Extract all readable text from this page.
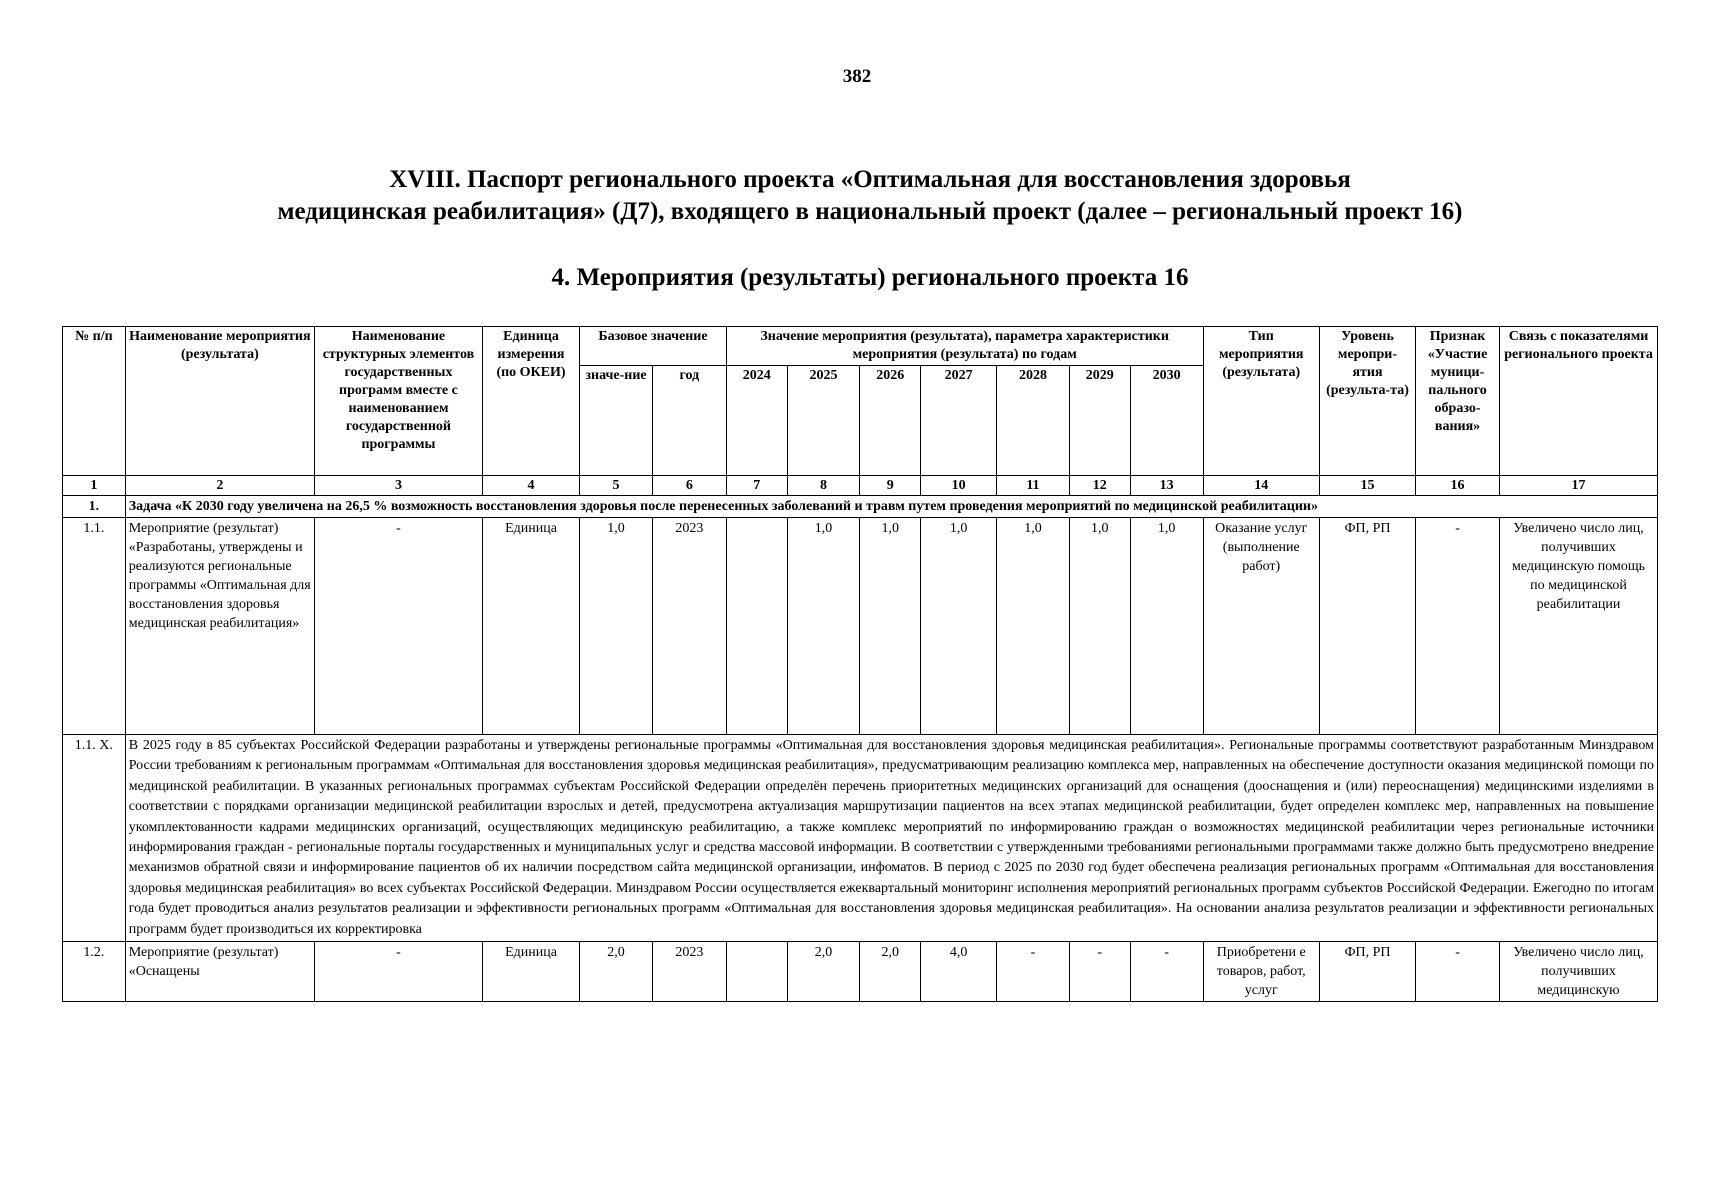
382
XVIII. Паспорт регионального проекта «Оптимальная для восстановления здоровья
медицинская реабилитация» (Д7), входящего в национальный проект (далее – региональный проект 16)
4. Мероприятия (результаты) регионального проекта 16
№ п/п	Наименование мероприятия (результата)	Наименование структурных элементов государственных программ вместе с наименованием государственной программы	Единица измерения (по ОКЕИ)	Базовое значение		Значение мероприятия (результата), параметра характеристики мероприятия (результата) по годам							Тип мероприятия (результата)	Уровень меропри-ятия (результа-та)	Признак «Участие муници-пального образо-вания»	Связь с показателями регионального проекта
				значе-ние	год	2024	2025	2026	2027	2028	2029	2030				
1	2	3	4	5	6	7	8	9	10	11	12	13	14	15	16	17
1.	Задача «К 2030 году увеличена на 26,5 % возможность восстановления здоровья после перенесенных заболеваний и травм путем проведения мероприятий по медицинской реабилитации»															
1.1.	Мероприятие (результат) «Разработаны, утверждены и реализуются региональные программы «Оптимальная для восстановления здоровья медицинская реабилитация»	-	Единица	1,0	2023		1,0	1,0	1,0	1,0	1,0	1,0	Оказание услуг (выполнение работ)	ФП, РП	-	Увеличено число лиц, получивших медицинскую помощь по медицинской реабилитации
1.1. Х.	В 2025 году в 85 субъектах Российской Федерации разработаны и утверждены региональные программы «Оптимальная для восстановления здоровья медицинская реабилитация». Региональные программы соответствуют разработанным Минздравом России требованиям к региональным программам «Оптимальная для восстановления здоровья медицинская реабилитация», предусматривающим реализацию комплекса мер, направленных на обеспечение доступности оказания медицинской помощи по медицинской реабилитации. В указанных региональных программах субъектам Российской Федерации определён перечень приоритетных медицинских организаций для оснащения (дооснащения и (или) переоснащения) медицинскими изделиями в соответствии с порядками организации медицинской реабилитации взрослых и детей, предусмотрена актуализация маршрутизации пациентов на всех этапах медицинской реабилитации, будет определен комплекс мер, направленных на повышение укомплектованности кадрами медицинских организаций, осуществляющих медицинскую реабилитацию, а также комплекс мероприятий по информированию граждан о возможностях медицинской реабилитации через региональные источники информирования граждан - региональные порталы государственных и муниципальных услуг и средства массовой информации. В соответствии с утвержденными требованиями региональными программами также должно быть предусмотрено внедрение механизмов обратной связи и информирование пациентов об их наличии посредством сайта медицинской организации, инфоматов. В период с 2025 по 2030 год будет обеспечена реализация региональных программ «Оптимальная для восстановления здоровья медицинская реабилитация» во всех субъектах Российской Федерации. Минздравом России осуществляется ежеквартальный мониторинг исполнения мероприятий региональных программ субъектов Российской Федерации. Ежегодно по итогам года будет проводиться анализ результатов реализации и эффективности региональных программ «Оптимальная для восстановления здоровья медицинская реабилитация». На основании анализа результатов реализации и эффективности региональных программ будет производиться их корректировка															
1.2.	Мероприятие (результат) «Оснащены	-	Единица	2,0	2023		2,0	2,0	4,0	-	-	-	Приобретени е товаров, работ, услуг	ФП, РП	-	Увеличено число лиц, получивших медицинскую
